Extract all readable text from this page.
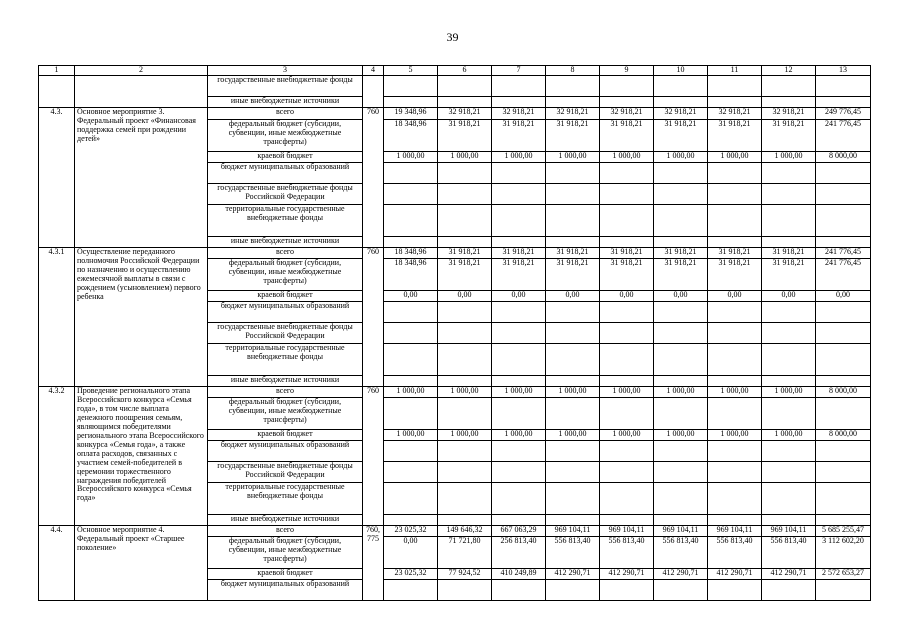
39
1	2	3	4	5	6	7	8	9	10	11	12	13
		государственные внебюджетные фонды										
		иные внебюджетные источники										
4.3.	Основное мероприятие 3. Федеральный проект «Финансовая поддержка семей при рождении детей»	всего	760	19 348,96	32 918,21	32 918,21	32 918,21	32 918,21	32 918,21	32 918,21	32 918,21	249 776,45
		федеральный бюджет (субсидии, субвенции, иные межбюджетные трансферты)		18 348,96	31 918,21	31 918,21	31 918,21	31 918,21	31 918,21	31 918,21	31 918,21	241 776,45
		краевой бюджет		1 000,00	1 000,00	1 000,00	1 000,00	1 000,00	1 000,00	1 000,00	1 000,00	8 000,00
		бюджет муниципальных образований										
		государственные внебюджетные фонды Российской Федерации										
		территориальные государственные внебюджетные фонды										
		иные внебюджетные источники										
4.3.1	Осуществление переданного полномочия Российской Федерации по назначению и осуществлению ежемесячной выплаты в связи с рождением (усыновлением) первого ребенка	всего	760	18 348,96	31 918,21	31 918,21	31 918,21	31 918,21	31 918,21	31 918,21	31 918,21	241 776,45
		федеральный бюджет (субсидии, субвенции, иные межбюджетные трансферты)		18 348,96	31 918,21	31 918,21	31 918,21	31 918,21	31 918,21	31 918,21	31 918,21	241 776,45
		краевой бюджет		0,00	0,00	0,00	0,00	0,00	0,00	0,00	0,00	0,00
		бюджет муниципальных образований										
		государственные внебюджетные фонды Российской Федерации										
		территориальные государственные внебюджетные фонды										
		иные внебюджетные источники										
4.3.2	Проведение регионального этапа Всероссийского конкурса «Семья года», в том числе выплата денежного поощрения семьям, являющимся победителями регионального этапа Всероссийского конкурса «Семья года», а также оплата расходов, связанных с участием семей-победителей в церемонии торжественного награждения победителей Всероссийского конкурса «Семья года»	всего	760	1 000,00	1 000,00	1 000,00	1 000,00	1 000,00	1 000,00	1 000,00	1 000,00	8 000,00
		федеральный бюджет (субсидии, субвенции, иные межбюджетные трансферты)										
		краевой бюджет		1 000,00	1 000,00	1 000,00	1 000,00	1 000,00	1 000,00	1 000,00	1 000,00	8 000,00
		бюджет муниципальных образований										
		государственные внебюджетные фонды Российской Федерации										
		территориальные государственные внебюджетные фонды										
		иные внебюджетные источники										
4.4.	Основное мероприятие 4. Федеральный проект «Старшее поколение»	всего	760, 775	23 025,32	149 646,32	667 063,29	969 104,11	969 104,11	969 104,11	969 104,11	969 104,11	5 685 255,47
		федеральный бюджет (субсидии, субвенции, иные межбюджетные трансферты)		0,00	71 721,80	256 813,40	556 813,40	556 813,40	556 813,40	556 813,40	556 813,40	3 112 602,20
		краевой бюджет		23 025,32	77 924,52	410 249,89	412 290,71	412 290,71	412 290,71	412 290,71	412 290,71	2 572 653,27
		бюджет муниципальных образований										
